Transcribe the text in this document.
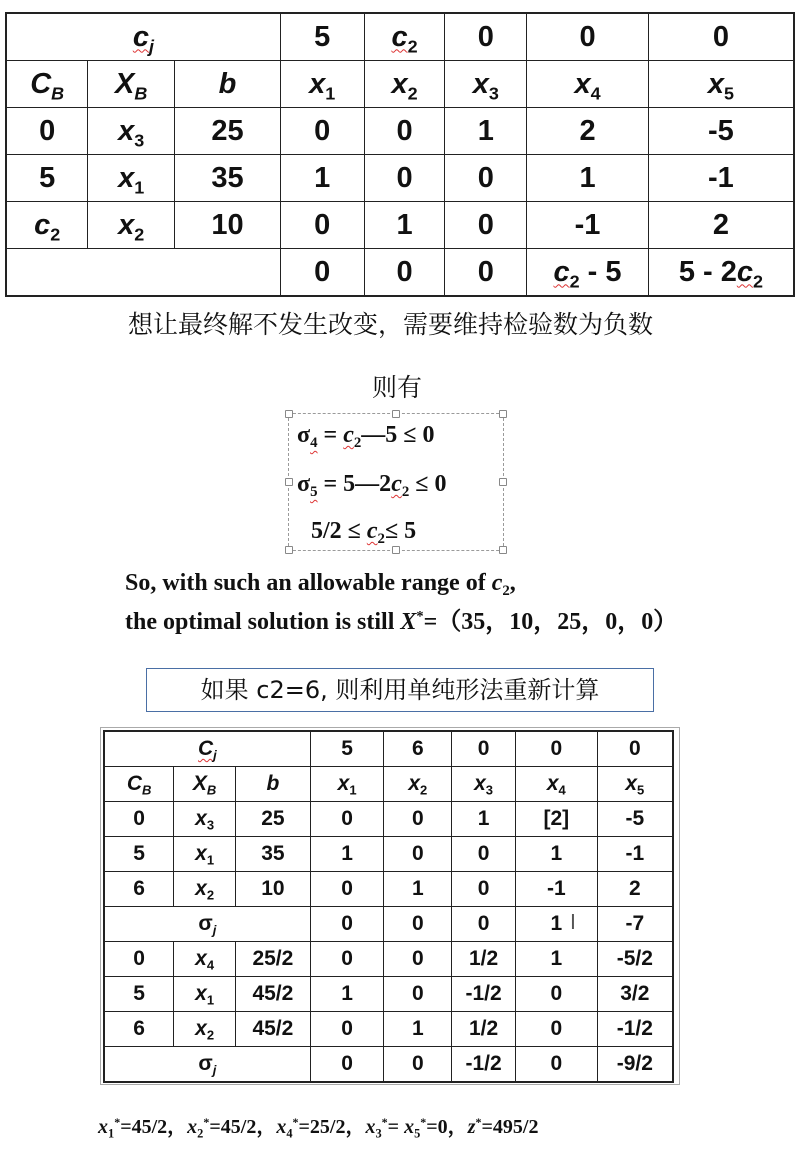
$c_j$			5	$c_2$	0	0	0
$C_B$	$X_B$	b	$x_1$	$x_2$	$x_3$	$x_4$	$x_5$
0	$x_3$	25	0	0	1	2	-5
5	$x_1$	35	1	0	0	1	-1
$c_2$	$x_2$	10	0	1	0	-1	2
			0	0	0	$c_2 - 5$	$5 - 2c_2$
想让最终解不发生改变，需要维持检验数为负数
则有
$\sigma_4$ = $c_2—5 \le 0$
$\sigma_5$ = $5—2c_2 \le 0$
$5/2 \le c_2\le 5$
So, with such an allowable range of $c_2$,
the optimal solution is still X*=（35，10，25，0，0）
如果 c2=6, 则利用单纯形法重新计算
$C_j$			5	6	0	0	0
$C_B$	$X_B$	b	$x_1$	$x_2$	$x_3$	$x_4$	$x_5$
0	$x_3$	25	0	0	1	[2]	-5
5	$x_1$	35	1	0	0	1	-1
6	$x_2$	10	0	1	0	-1	2
$\sigma_j$			0	0	0	1	-7
0	$x_4$	25/2	0	0	1/2	1	-5/2
5	$x_1$	45/2	1	0	-1/2	0	3/2
6	$x_2$	45/2	0	1	1/2	0	-1/2
$\sigma_j$			0	0	-1/2	0	-9/2
I
$x_1^*=45/2$，$x_2^*=45/2$，$x_4^*=25/2$，$x_3^*= x_5^*=0$，z*=495/2
